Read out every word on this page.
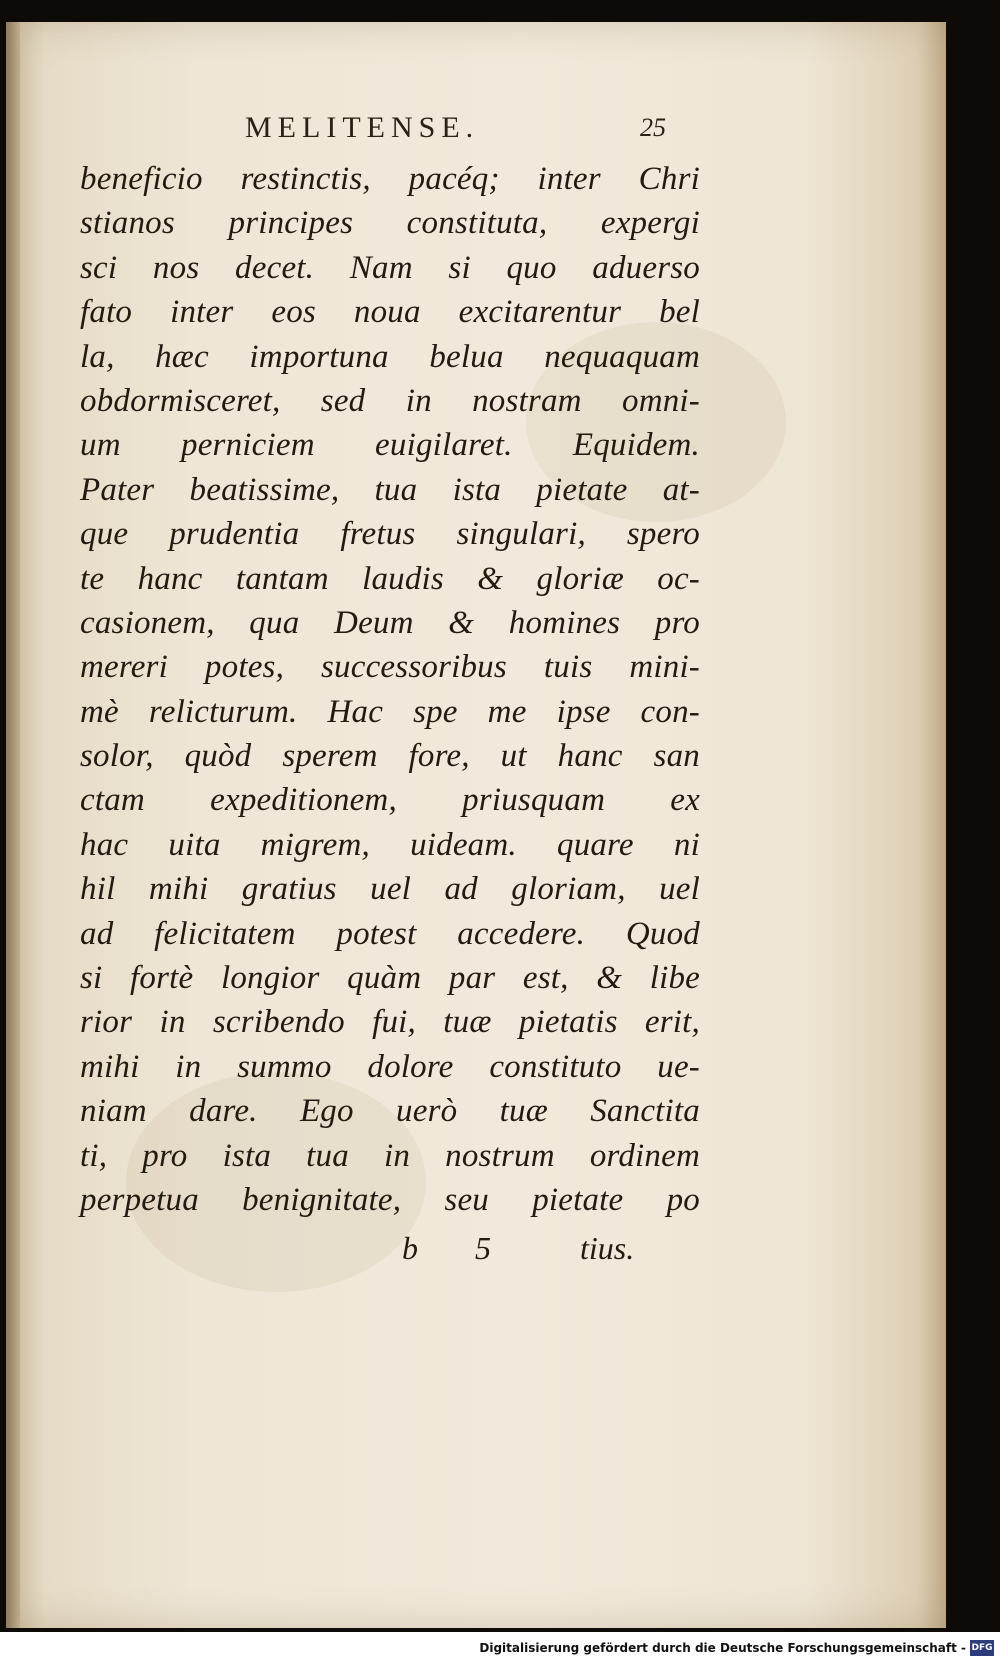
MELITENSE.	25
beneficio restinctis, pacéq; inter Chri
stianos principes constituta, expergi
sci nos decet. Nam si quo aduerso
fato inter eos noua excitarentur bel
la, hæc importuna belua nequaquam
obdormisceret, sed in nostram omni-
um perniciem euigilaret. Equidem.
Pater beatissime, tua ista pietate at-
que prudentia fretus singulari, spero
te hanc tantam laudis & gloriæ oc-
casionem, qua Deum & homines pro
mereri potes, successoribus tuis mini-
mè relicturum. Hac spe me ipse con-
solor, quòd sperem fore, ut hanc san
ctam expeditionem, priusquam ex
hac uita migrem, uideam. quare ni
hil mihi gratius uel ad gloriam, uel
ad felicitatem potest accedere. Quod
si fortè longior quàm par est, & libe
rior in scribendo fui, tuæ pietatis erit,
mihi in summo dolore constituto ue-
niam dare. Ego uerò tuæ Sanctita
ti, pro ista tua in nostrum ordinem
perpetua benignitate, seu pietate po
b 5	tius.
Digitalisierung gefördert durch die Deutsche Forschungsgemeinschaft - DFG
